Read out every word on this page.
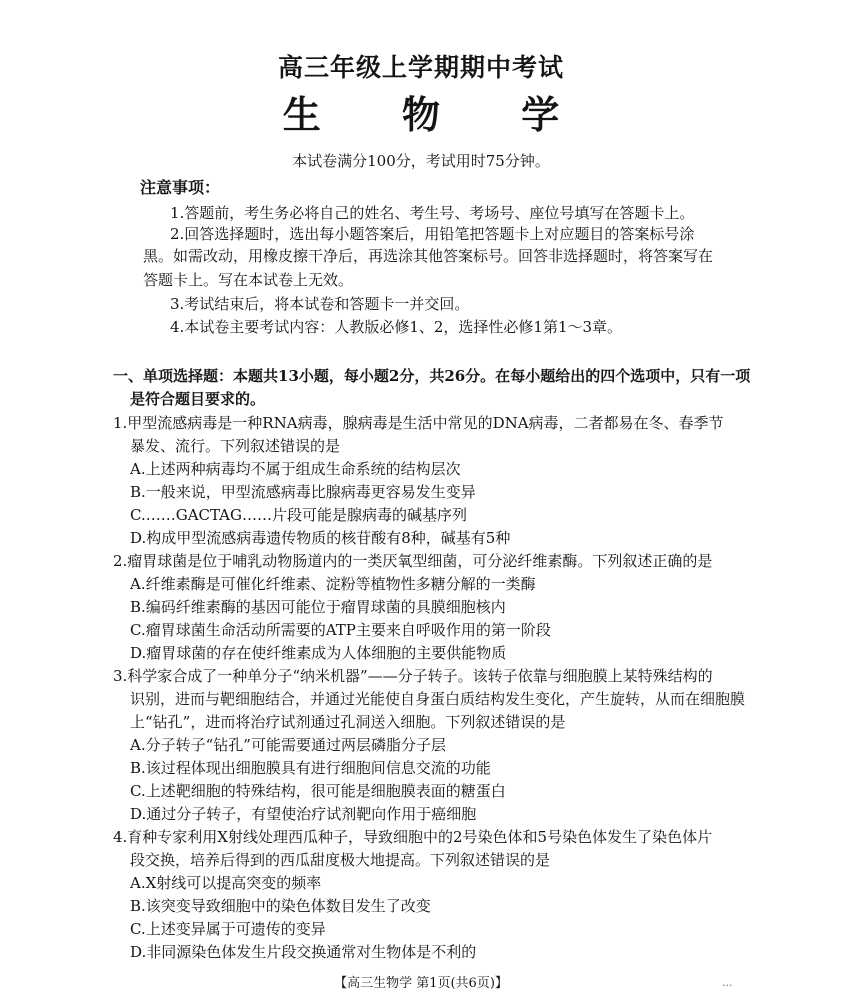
高三年级上学期期中考试
生 物 学
本试卷满分100分，考试用时75分钟。
注意事项：
1.答题前，考生务必将自己的姓名、考生号、考场号、座位号填写在答题卡上。
2.回答选择题时，选出每小题答案后，用铅笔把答题卡上对应题目的答案标号涂
黑。如需改动，用橡皮擦干净后，再选涂其他答案标号。回答非选择题时，将答案写在
答题卡上。写在本试卷上无效。
3.考试结束后，将本试卷和答题卡一并交回。
4.本试卷主要考试内容：人教版必修1、2，选择性必修1第1～3章。
一、单项选择题：本题共13小题，每小题2分，共26分。在每小题给出的四个选项中，只有一项
是符合题目要求的。
1.甲型流感病毒是一种RNA病毒，腺病毒是生活中常见的DNA病毒，二者都易在冬、春季节
暴发、流行。下列叙述错误的是
A.上述两种病毒均不属于组成生命系统的结构层次
B.一般来说，甲型流感病毒比腺病毒更容易发生变异
C.……GACTAG……片段可能是腺病毒的碱基序列
D.构成甲型流感病毒遗传物质的核苷酸有8种，碱基有5种
2.瘤胃球菌是位于哺乳动物肠道内的一类厌氧型细菌，可分泌纤维素酶。下列叙述正确的是
A.纤维素酶是可催化纤维素、淀粉等植物性多糖分解的一类酶
B.编码纤维素酶的基因可能位于瘤胃球菌的具膜细胞核内
C.瘤胃球菌生命活动所需要的ATP主要来自呼吸作用的第一阶段
D.瘤胃球菌的存在使纤维素成为人体细胞的主要供能物质
3.科学家合成了一种单分子“纳米机器”——分子转子。该转子依靠与细胞膜上某特殊结构的
识别，进而与靶细胞结合，并通过光能使自身蛋白质结构发生变化，产生旋转，从而在细胞膜
上“钻孔”，进而将治疗试剂通过孔洞送入细胞。下列叙述错误的是
A.分子转子“钻孔”可能需要通过两层磷脂分子层
B.该过程体现出细胞膜具有进行细胞间信息交流的功能
C.上述靶细胞的特殊结构，很可能是细胞膜表面的糖蛋白
D.通过分子转子，有望使治疗试剂靶向作用于癌细胞
4.育种专家利用X射线处理西瓜种子，导致细胞中的2号染色体和5号染色体发生了染色体片
段交换，培养后得到的西瓜甜度极大地提高。下列叙述错误的是
A.X射线可以提高突变的频率
B.该突变导致细胞中的染色体数目发生了改变
C.上述变异属于可遗传的变异
D.非同源染色体发生片段交换通常对生物体是不利的
【高三生物学 第1页(共6页)】	...
